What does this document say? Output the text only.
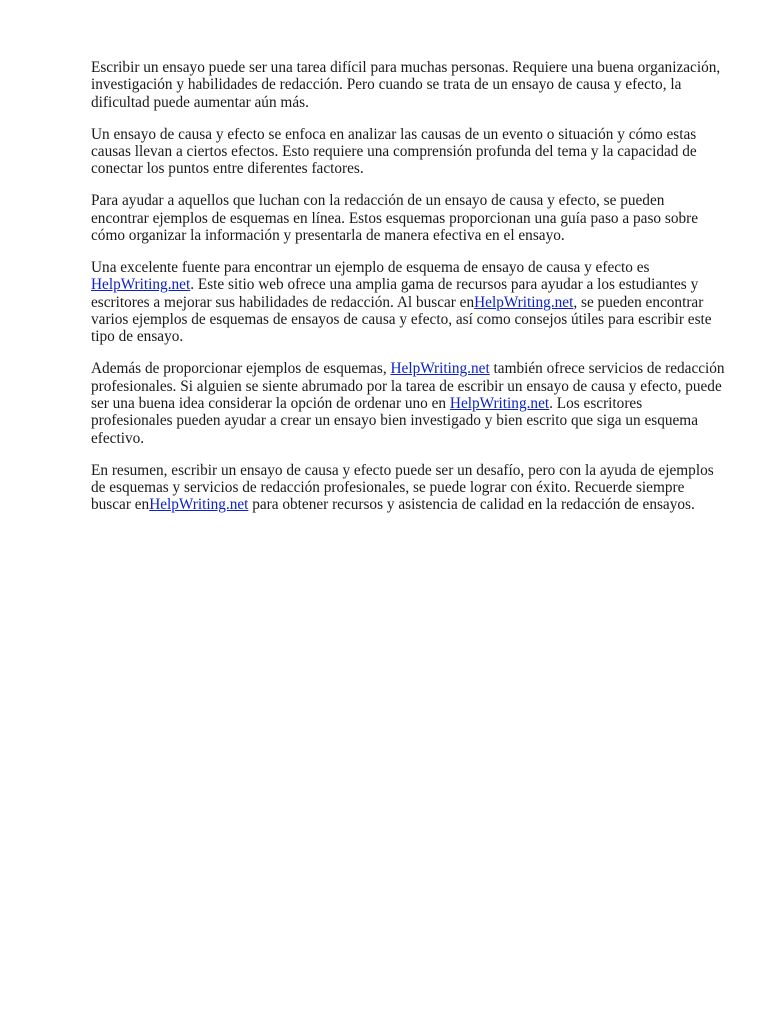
Escribir un ensayo puede ser una tarea difícil para muchas personas. Requiere una buena organización, investigación y habilidades de redacción. Pero cuando se trata de un ensayo de causa y efecto, la dificultad puede aumentar aún más.

Un ensayo de causa y efecto se enfoca en analizar las causas de un evento o situación y cómo estas causas llevan a ciertos efectos. Esto requiere una comprensión profunda del tema y la capacidad de conectar los puntos entre diferentes factores.

Para ayudar a aquellos que luchan con la redacción de un ensayo de causa y efecto, se pueden encontrar ejemplos de esquemas en línea. Estos esquemas proporcionan una guía paso a paso sobre cómo organizar la información y presentarla de manera efectiva en el ensayo.

Una excelente fuente para encontrar un ejemplo de esquema de ensayo de causa y efecto es HelpWriting.net. Este sitio web ofrece una amplia gama de recursos para ayudar a los estudiantes y escritores a mejorar sus habilidades de redacción. Al buscar enHelpWriting.net, se pueden encontrar varios ejemplos de esquemas de ensayos de causa y efecto, así como consejos útiles para escribir este tipo de ensayo.

Además de proporcionar ejemplos de esquemas, HelpWriting.net también ofrece servicios de redacción profesionales. Si alguien se siente abrumado por la tarea de escribir un ensayo de causa y efecto, puede ser una buena idea considerar la opción de ordenar uno en HelpWriting.net. Los escritores profesionales pueden ayudar a crear un ensayo bien investigado y bien escrito que siga un esquema efectivo.

En resumen, escribir un ensayo de causa y efecto puede ser un desafío, pero con la ayuda de ejemplos de esquemas y servicios de redacción profesionales, se puede lograr con éxito. Recuerde siempre buscar enHelpWriting.net para obtener recursos y asistencia de calidad en la redacción de ensayos.
